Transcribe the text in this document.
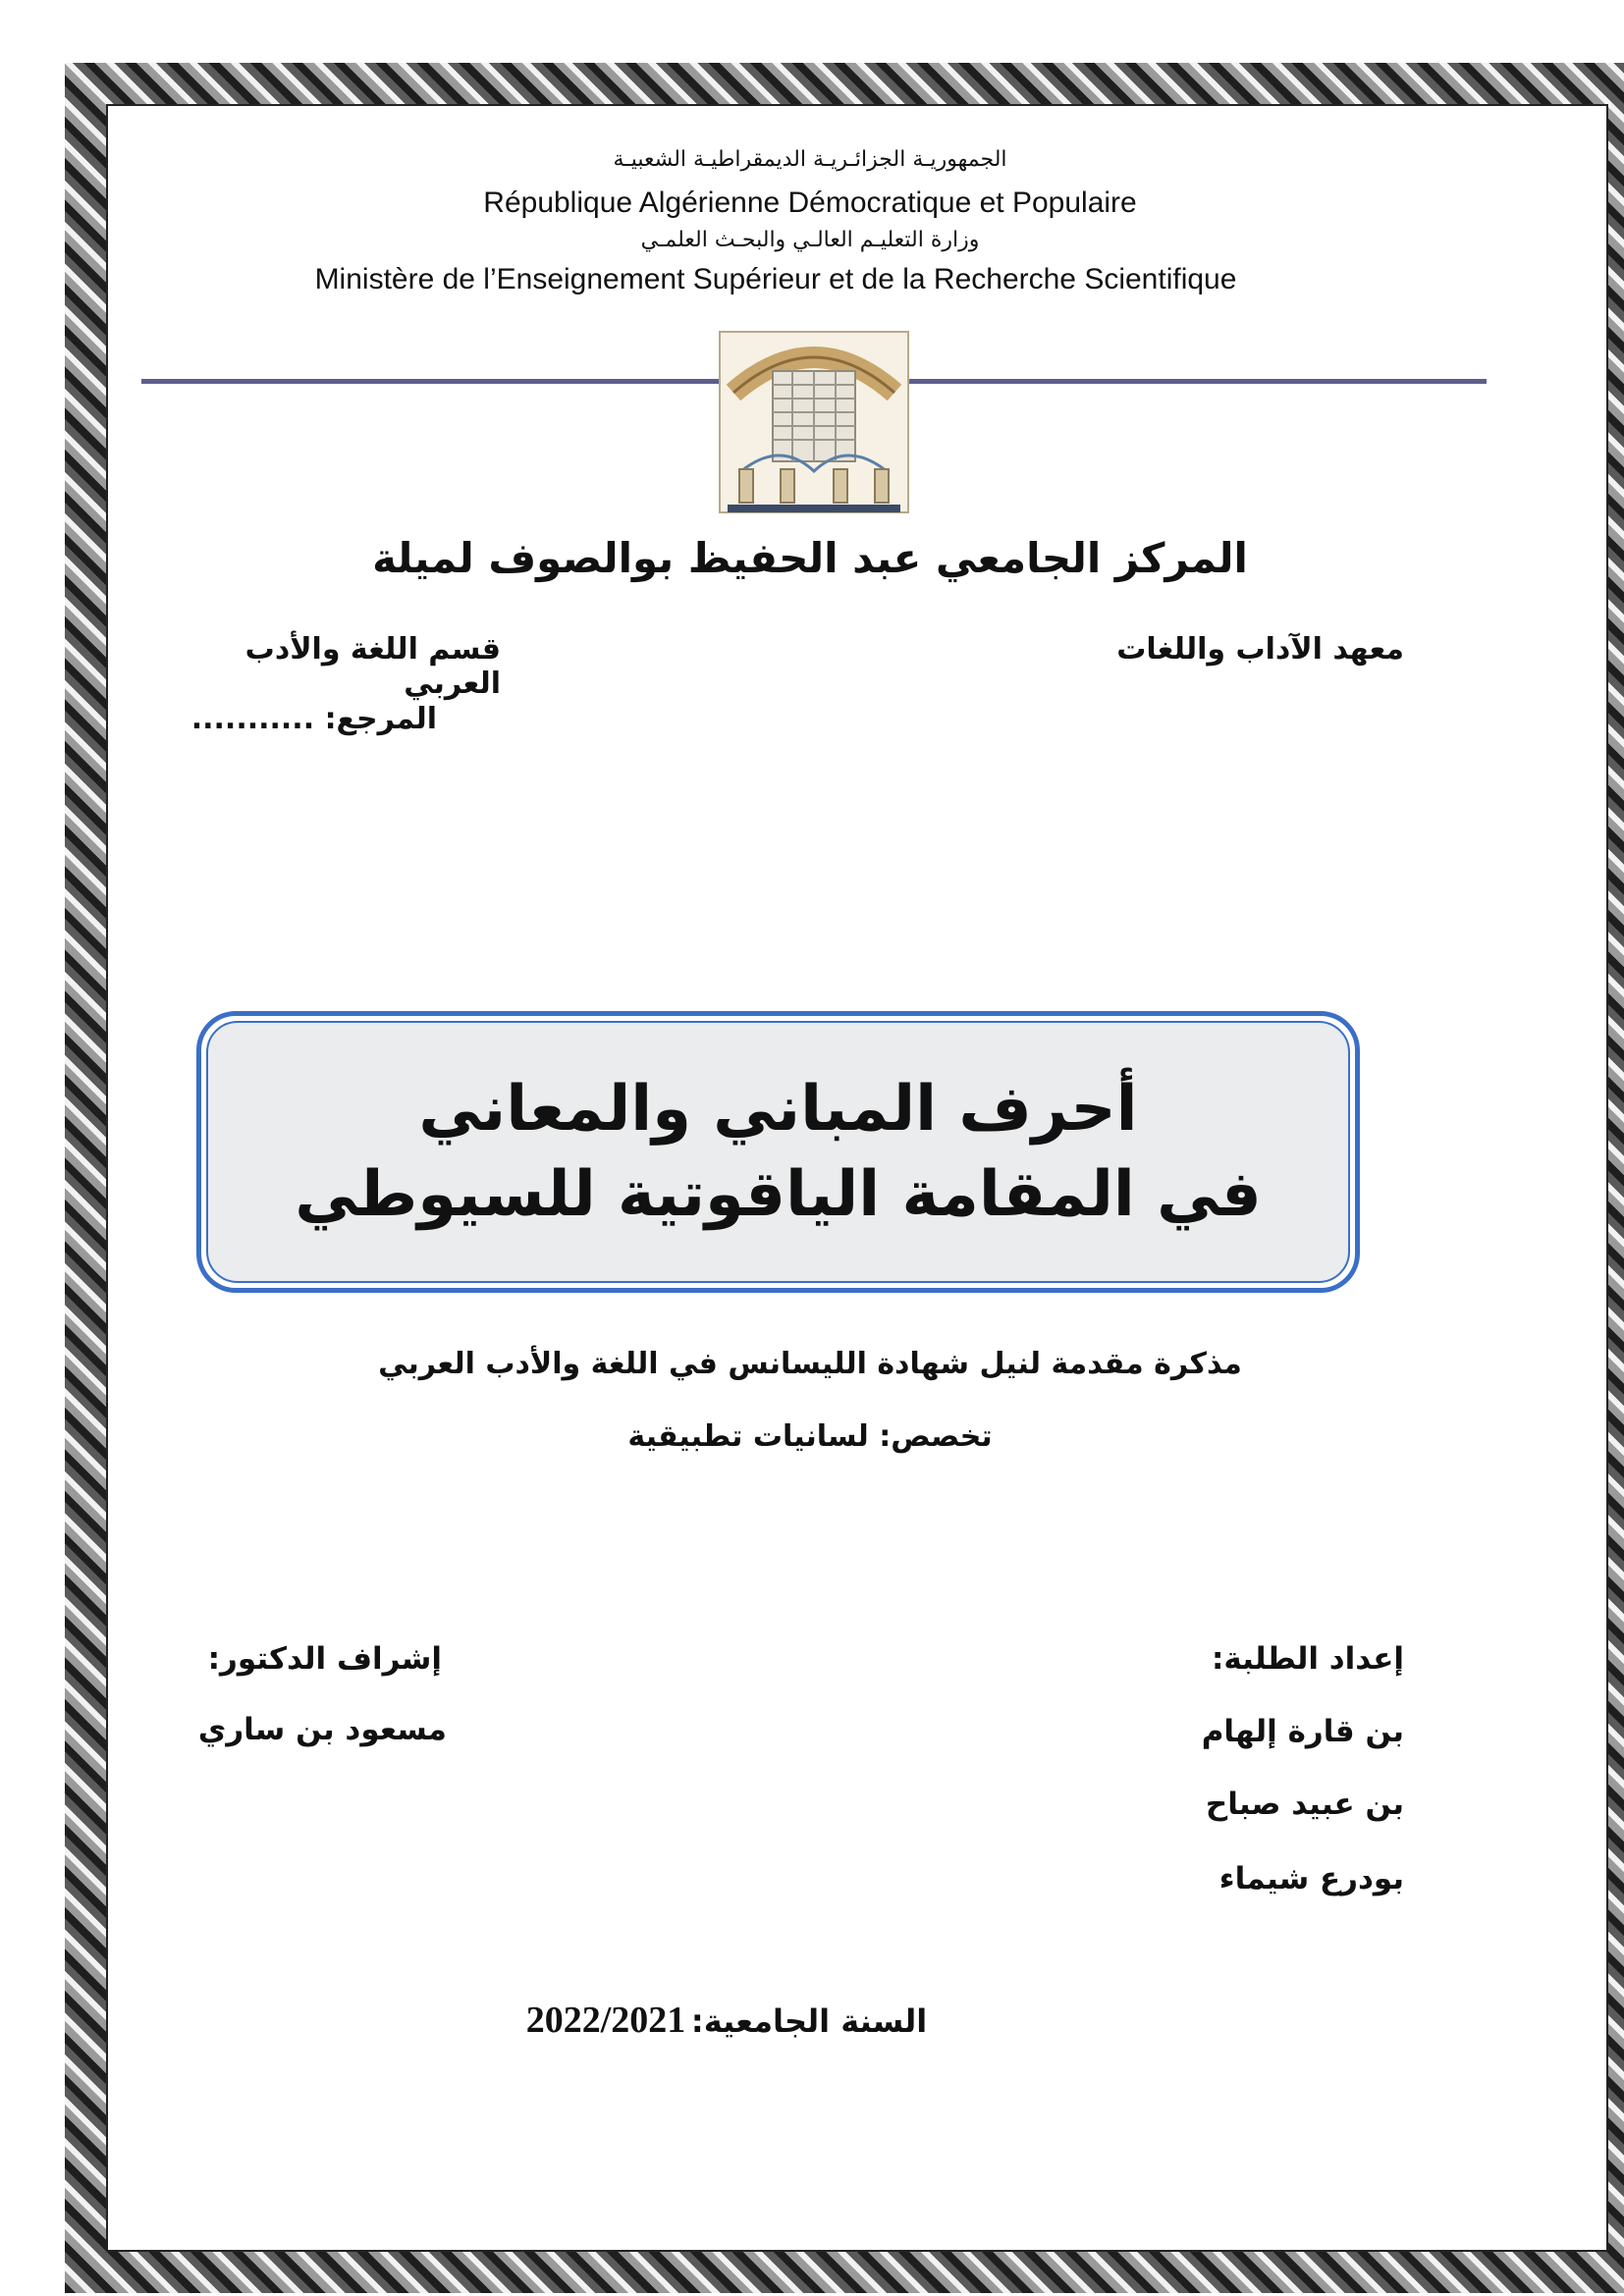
الجمهوريـة الجزائـريـة الديمقراطيـة الشعبيـة
République Algérienne Démocratique et Populaire
وزارة التعليـم العالـي والبحـث العلمـي
Ministère de l’Enseignement Supérieur et de la Recherche Scientifique
المركز الجامعي عبد الحفيظ بوالصوف لميلة
معهد الآداب واللغات
قسم اللغة والأدب العربي
المرجع: ...........
أحرف المباني والمعاني
في المقامة الياقوتية للسيوطي
مذكرة مقدمة لنيل شهادة الليسانس في اللغة والأدب العربي
تخصص: لسانيات تطبيقية
إعداد الطلبة:
بن قارة إلهام
بن عبيد صباح
بودرع شيماء
إشراف الدكتور:
مسعود بن ساري
السنة الجامعية: 2022/2021
